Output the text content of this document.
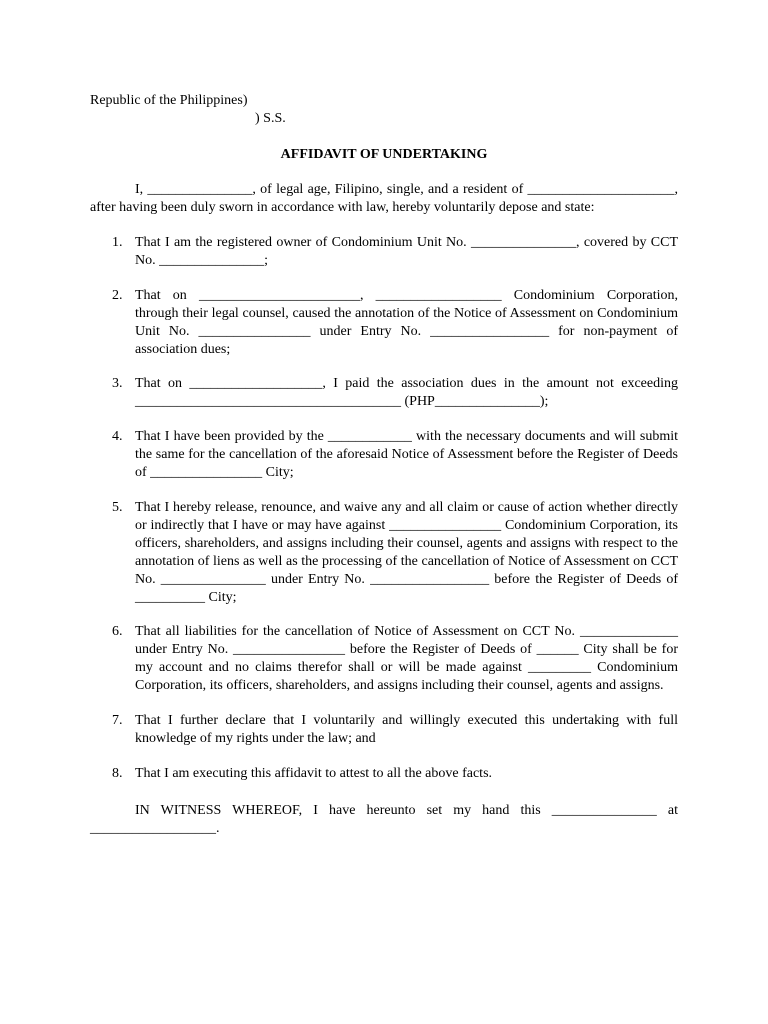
Republic of the Philippines)
) S.S.
AFFIDAVIT OF UNDERTAKING

I, _______________, of legal age, Filipino, single, and a resident of _____________________, after having been duly sworn in accordance with law, hereby voluntarily depose and state:

1. That I am the registered owner of Condominium Unit No. _______________, covered by CCT No. _______________;
2. That on _______________________, __________________ Condominium Corporation, through their legal counsel, caused the annotation of the Notice of Assessment on Condominium Unit No. ________________ under Entry No. _________________ for non-payment of association dues;
3. That on ___________________, I paid the association dues in the amount not exceeding ______________________________________ (PHP_______________);
4. That I have been provided by the ____________ with the necessary documents and will submit the same for the cancellation of the aforesaid Notice of Assessment before the Register of Deeds of ________________ City;
5. That I hereby release, renounce, and waive any and all claim or cause of action whether directly or indirectly that I have or may have against ________________ Condominium Corporation, its officers, shareholders, and assigns including their counsel, agents and assigns with respect to the annotation of liens as well as the processing of the cancellation of Notice of Assessment on CCT No. _______________ under Entry No. _________________ before the Register of Deeds of __________ City;
6. That all liabilities for the cancellation of Notice of Assessment on CCT No. ______________ under Entry No. ________________ before the Register of Deeds of ______ City shall be for my account and no claims therefor shall or will be made against _________ Condominium Corporation, its officers, shareholders, and assigns including their counsel, agents and assigns.
7. That I further declare that I voluntarily and willingly executed this undertaking with full knowledge of my rights under the law; and
8. That I am executing this affidavit to attest to all the above facts.

IN WITNESS WHEREOF, I have hereunto set my hand this _______________ at __________________.
